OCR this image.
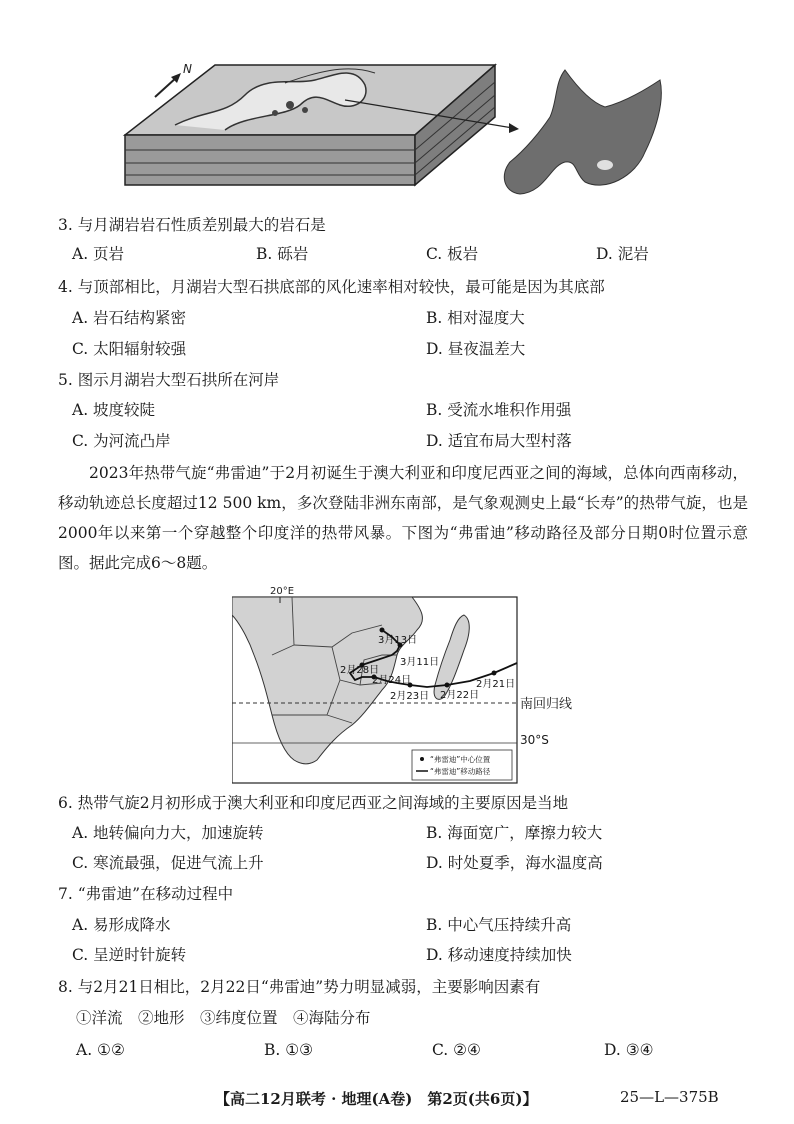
N
3. 与月湖岩岩石性质差别最大的岩石是
A. 页岩	B. 砾岩	C. 板岩	D. 泥岩
4. 与顶部相比，月湖岩大型石拱底部的风化速率相对较快，最可能是因为其底部
A. 岩石结构紧密	B. 相对湿度大
C. 太阳辐射较强	D. 昼夜温差大
5. 图示月湖岩大型石拱所在河岸
A. 坡度较陡	B. 受流水堆积作用强
C. 为河流凸岸	D. 适宜布局大型村落

2023年热带气旋“弗雷迪”于2月初诞生于澳大利亚和印度尼西亚之间的海域，总体向西南移动，移动轨迹总长度超过12 500 km，多次登陆非洲东南部，是气象观测史上最“长寿”的热带气旋，也是2000年以来第一个穿越整个印度洋的热带风暴。下图为“弗雷迪”移动路径及部分日期0时位置示意图。据此完成6～8题。

20°E
3月13日
3月11日
2月28日
2月24日
2月23日 2月22日
2月21日
“弗雷迪”中心位置
“弗雷迪”移动路径
南回归线
30°S
6. 热带气旋2月初形成于澳大利亚和印度尼西亚之间海域的主要原因是当地
A. 地转偏向力大，加速旋转	B. 海面宽广，摩擦力较大
C. 寒流最强，促进气流上升	D. 时处夏季，海水温度高
7. “弗雷迪”在移动过程中
A. 易形成降水	B. 中心气压持续升高
C. 呈逆时针旋转	D. 移动速度持续加快
8. 与2月21日相比，2月22日“弗雷迪”势力明显减弱，主要影响因素有
①洋流　②地形　③纬度位置　④海陆分布
A. ①②	B. ①③	C. ②④	D. ③④
【高二12月联考 · 地理(A卷)　第2页(共6页)】	25—L—375B
